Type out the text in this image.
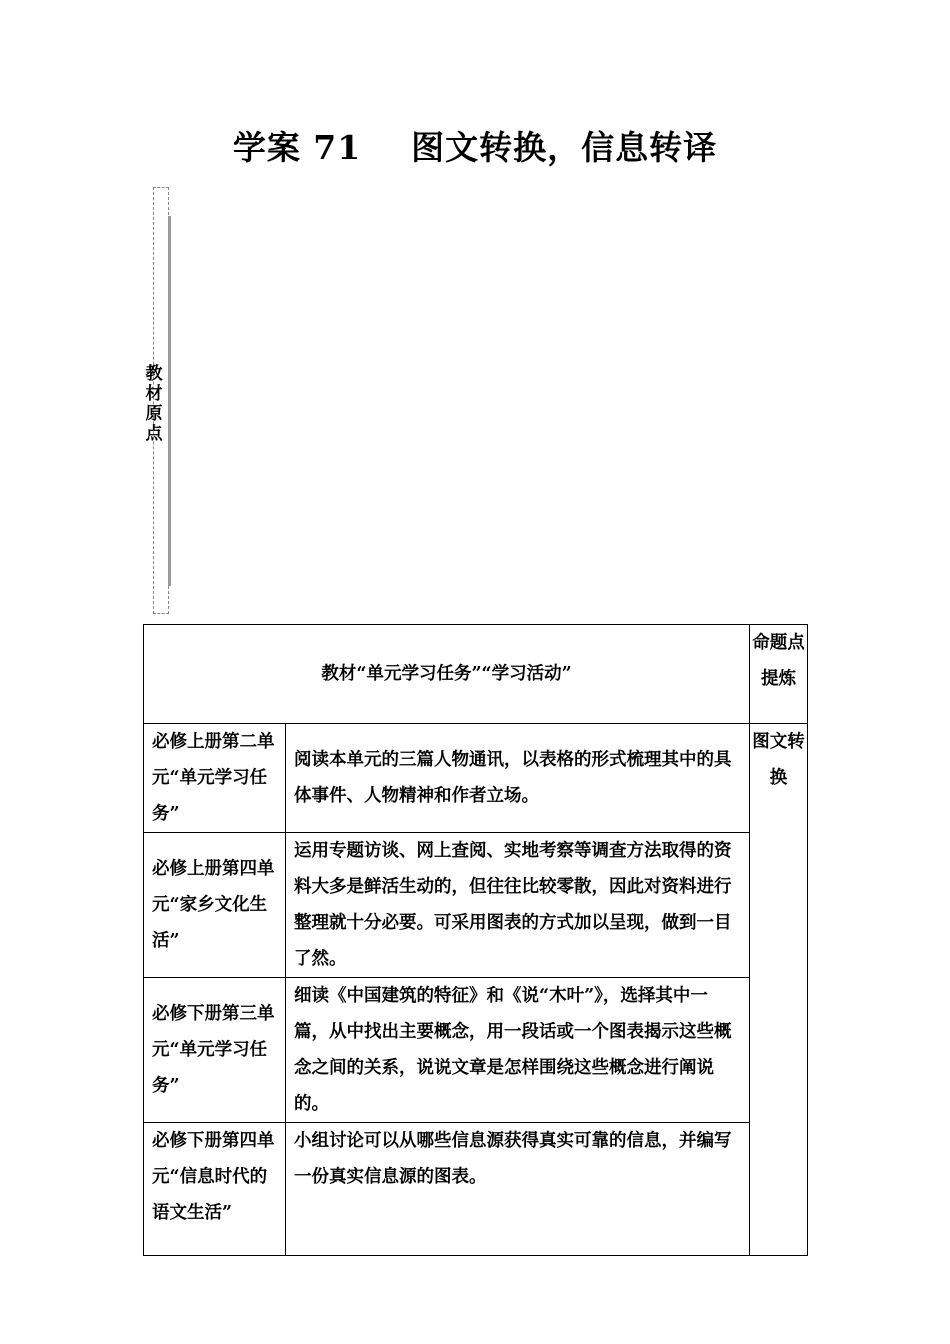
学案 71    图文转换，信息转译
教
材
原
点
教材“单元学习任务”“学习活动”		命题点提炼
必修上册第二单元“单元学习任务”	阅读本单元的三篇人物通讯，以表格的形式梳理其中的具体事件、人物精神和作者立场。	图文转换
必修上册第四单元“家乡文化生活”	运用专题访谈、网上查阅、实地考察等调查方法取得的资料大多是鲜活生动的，但往往比较零散，因此对资料进行整理就十分必要。可采用图表的方式加以呈现，做到一目了然。	
必修下册第三单元“单元学习任务”	细读《中国建筑的特征》和《说“木叶”》，选择其中一篇，从中找出主要概念，用一段话或一个图表揭示这些概念之间的关系，说说文章是怎样围绕这些概念进行阐说的。	
必修下册第四单元“信息时代的语文生活”	小组讨论可以从哪些信息源获得真实可靠的信息，并编写一份真实信息源的图表。	
